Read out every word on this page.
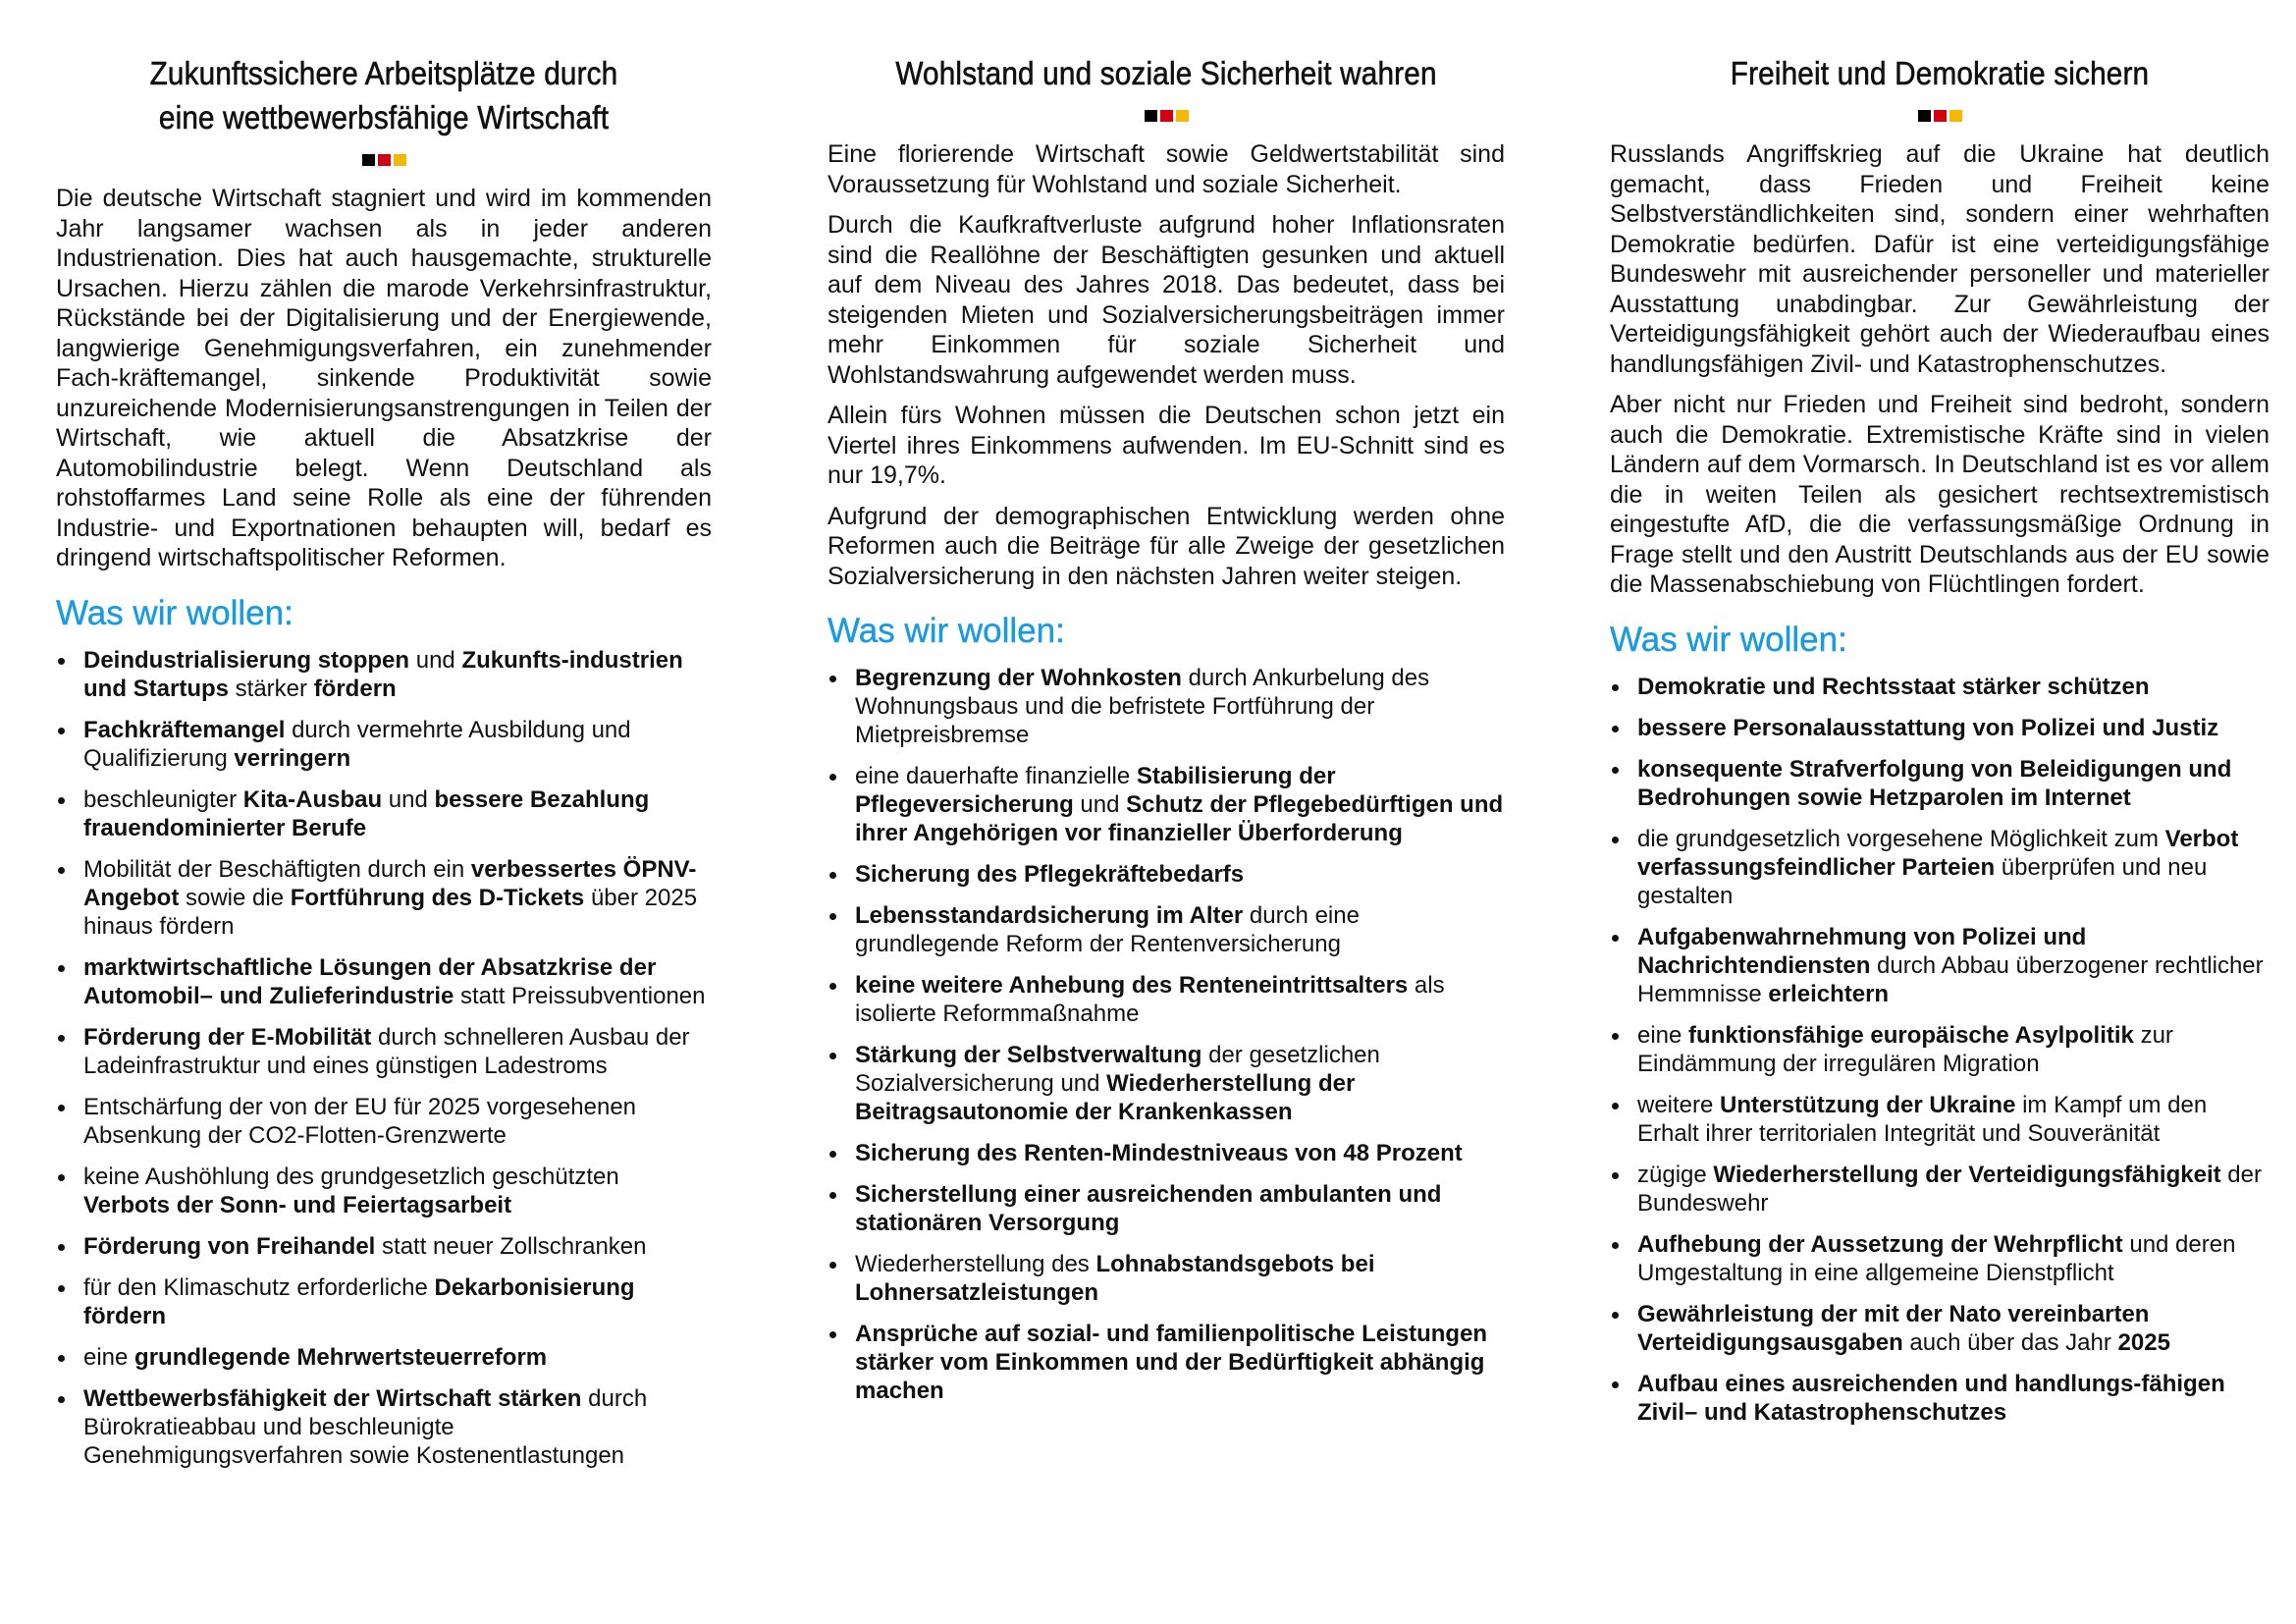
Zukunftssichere Arbeitsplätze durch
eine wettbewerbsfähige Wirtschaft

Die deutsche Wirtschaft stagniert und wird im kommenden Jahr langsamer wachsen als in jeder anderen Industrienation. Dies hat auch hausgemachte, strukturelle Ursachen. Hierzu zählen die marode Verkehrsinfrastruktur, Rückstände bei der Digitalisierung und der Energiewende, langwierige Genehmigungsverfahren, ein zunehmender Fach-kräftemangel, sinkende Produktivität sowie unzureichende Modernisierungsanstrengungen in Teilen der Wirtschaft, wie aktuell die Absatzkrise der Automobilindustrie belegt. Wenn Deutschland als rohstoffarmes Land seine Rolle als eine der führenden Industrie- und Exportnationen behaupten will, bedarf es dringend wirtschaftspolitischer Reformen.

Was wir wollen:
Deindustrialisierung stoppen und Zukunfts-industrien und Startups stärker fördern
Fachkräftemangel durch vermehrte Ausbildung und Qualifizierung verringern
beschleunigter Kita-Ausbau und bessere Bezahlung frauendominierter Berufe
Mobilität der Beschäftigten durch ein verbessertes ÖPNV-Angebot sowie die Fortführung des D-Tickets über 2025 hinaus fördern
marktwirtschaftliche Lösungen der Absatzkrise der Automobil– und Zulieferindustrie statt Preissubventionen
Förderung der E-Mobilität durch schnelleren Ausbau der Ladeinfrastruktur und eines günstigen Ladestroms
Entschärfung der von der EU für 2025 vorgesehenen Absenkung der CO2-Flotten-Grenzwerte
keine Aushöhlung des grundgesetzlich geschützten Verbots der Sonn- und Feiertagsarbeit
Förderung von Freihandel statt neuer Zollschranken
für den Klimaschutz erforderliche Dekarbonisierung fördern
eine grundlegende Mehrwertsteuerreform
Wettbewerbsfähigkeit der Wirtschaft stärken durch Bürokratieabbau und beschleunigte Genehmigungsverfahren sowie Kostenentlastungen
Wohlstand und soziale Sicherheit wahren

Eine florierende Wirtschaft sowie Geldwertstabilität sind Voraussetzung für Wohlstand und soziale Sicherheit.

Durch die Kaufkraftverluste aufgrund hoher Inflationsraten sind die Reallöhne der Beschäftigten gesunken und aktuell auf dem Niveau des Jahres 2018. Das bedeutet, dass bei steigenden Mieten und Sozialversicherungsbeiträgen immer mehr Einkommen für soziale Sicherheit und Wohlstandswahrung aufgewendet werden muss.

Allein fürs Wohnen müssen die Deutschen schon jetzt ein Viertel ihres Einkommens aufwenden. Im EU-Schnitt sind es nur 19,7%.

Aufgrund der demographischen Entwicklung werden ohne Reformen auch die Beiträge für alle Zweige der gesetzlichen Sozialversicherung in den nächsten Jahren weiter steigen.

Was wir wollen:
Begrenzung der Wohnkosten durch Ankurbelung des Wohnungsbaus und die befristete Fortführung der Mietpreisbremse
eine dauerhafte finanzielle Stabilisierung der Pflegeversicherung und Schutz der Pflegebedürftigen und ihrer Angehörigen vor finanzieller Überforderung
Sicherung des Pflegekräftebedarfs
Lebensstandardsicherung im Alter durch eine grundlegende Reform der Rentenversicherung
keine weitere Anhebung des Renteneintrittsalters als isolierte Reformmaßnahme
Stärkung der Selbstverwaltung der gesetzlichen Sozialversicherung und Wiederherstellung der Beitragsautonomie der Krankenkassen
Sicherung des Renten-Mindestniveaus von 48 Prozent
Sicherstellung einer ausreichenden ambulanten und stationären Versorgung
Wiederherstellung des Lohnabstandsgebots bei Lohnersatzleistungen
Ansprüche auf sozial- und familienpolitische Leistungen stärker vom Einkommen und der Bedürftigkeit abhängig machen
Freiheit und Demokratie sichern

Russlands Angriffskrieg auf die Ukraine hat deutlich gemacht, dass Frieden und Freiheit keine Selbstverständlichkeiten sind, sondern einer wehrhaften Demokratie bedürfen. Dafür ist eine verteidigungsfähige Bundeswehr mit ausreichender personeller und materieller Ausstattung unabdingbar. Zur Gewährleistung der Verteidigungsfähigkeit gehört auch der Wiederaufbau eines handlungsfähigen Zivil- und Katastrophenschutzes.

Aber nicht nur Frieden und Freiheit sind bedroht, sondern auch die Demokratie. Extremistische Kräfte sind in vielen Ländern auf dem Vormarsch. In Deutschland ist es vor allem die in weiten Teilen als gesichert rechtsextremistisch eingestufte AfD, die die verfassungsmäßige Ordnung in Frage stellt und den Austritt Deutschlands aus der EU sowie die Massenabschiebung von Flüchtlingen fordert.

Was wir wollen:
Demokratie und Rechtsstaat stärker schützen
bessere Personalausstattung von Polizei und Justiz
konsequente Strafverfolgung von Beleidigungen und Bedrohungen sowie Hetzparolen im Internet
die grundgesetzlich vorgesehene Möglichkeit zum Verbot verfassungsfeindlicher Parteien überprüfen und neu gestalten
Aufgabenwahrnehmung von Polizei und Nachrichtendiensten durch Abbau überzogener rechtlicher Hemmnisse erleichtern
eine funktionsfähige europäische Asylpolitik zur Eindämmung der irregulären Migration
weitere Unterstützung der Ukraine im Kampf um den Erhalt ihrer territorialen Integrität und Souveränität
zügige Wiederherstellung der Verteidigungsfähigkeit der Bundeswehr
Aufhebung der Aussetzung der Wehrpflicht und deren Umgestaltung in eine allgemeine Dienstpflicht
Gewährleistung der mit der Nato vereinbarten Verteidigungsausgaben auch über das Jahr 2025
Aufbau eines ausreichenden und handlungs-fähigen Zivil– und Katastrophenschutzes
